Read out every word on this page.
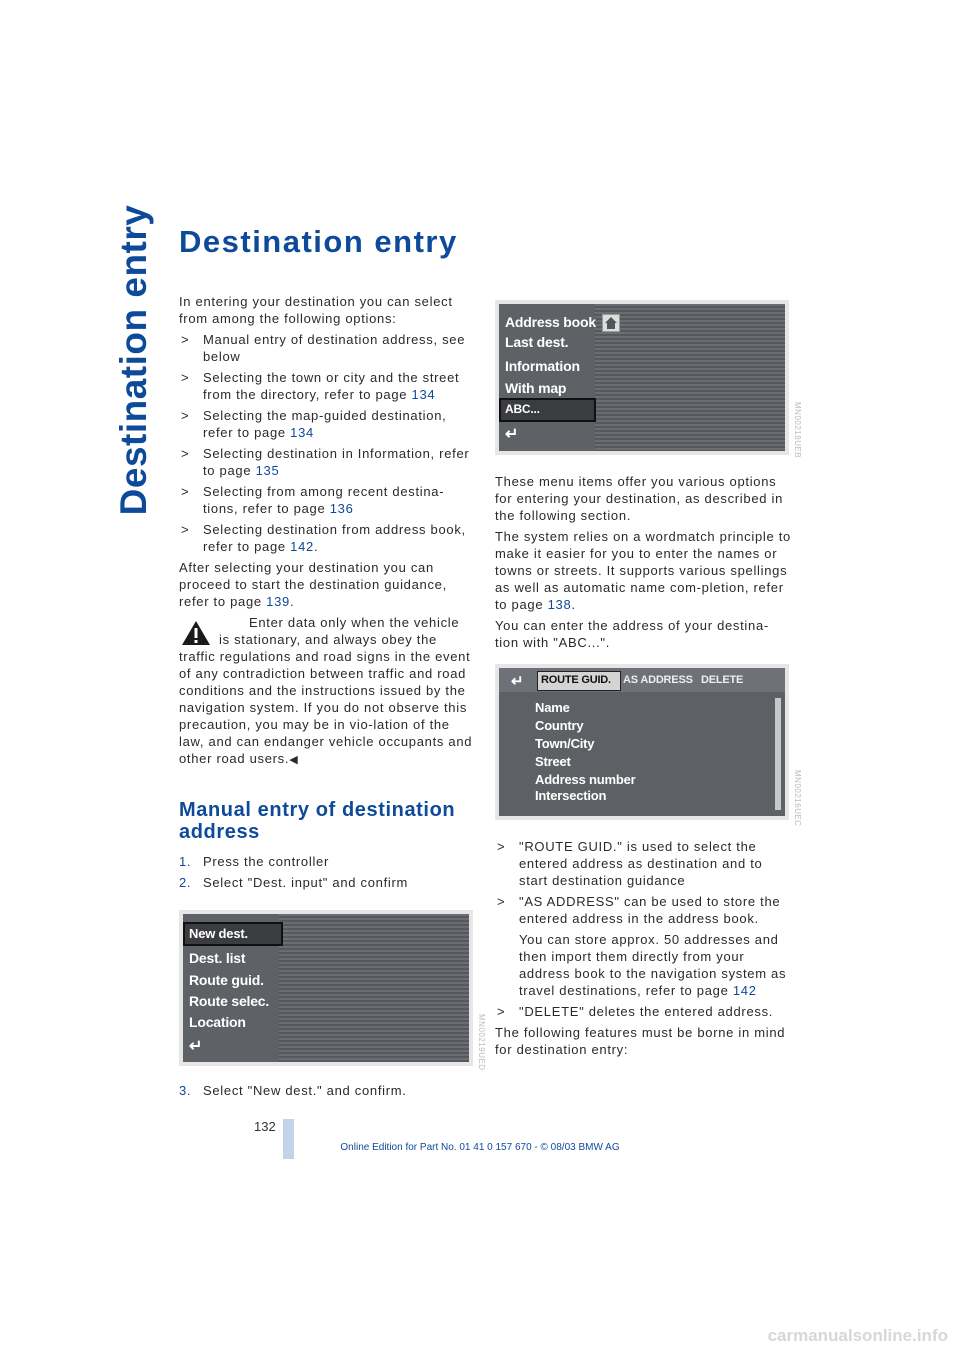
Destination entry Destination entry

In entering your destination you can select from among the following options:

> Manual entry of destination address, see below
> Selecting the town or city and the street from the directory, refer to page 134
> Selecting the map-guided destination, refer to page 134
> Selecting destination in Information, refer to page 135
> Selecting from among recent destina-tions, refer to page 136
> Selecting destination from address book, refer to page 142.

After selecting your destination you can proceed to start the destination guidance, refer to page 139.

Enter data only when the vehicle is stationary, and always obey the traffic regulations and road signs in the event of any contradiction between traffic and road conditions and the instructions issued by the navigation system. If you do not observe this precaution, you may be in vio-lation of the law, and can endanger vehicle occupants and other road users.◀
Manual entry of destination address
1. Press the controller
2. Select "Dest. input" and confirm
New dest.
Dest. list
Route guid.
Route selec.
Location
↵	MN00219UED
3. Select "New dest." and confirm.
Address book
Last dest.
Information
With map
ABC...
↵	MN00218UEB

These menu items offer you various options for entering your destination, as described in the following section.

The system relies on a wordmatch principle to make it easier for you to enter the names or towns or streets. It supports various spellings as well as automatic name com-pletion, refer to page 138.

You can enter the address of your destina-tion with "ABC...".

↵ ROUTE GUID. AS ADDRESS DELETE
Name
Country
Town/City
Street
Address number
Intersection	MN00216UEC
> "ROUTE GUID." is used to select the entered address as destination and to start destination guidance
> "AS ADDRESS" can be used to store the entered address in the address book.
You can store approx. 50 addresses and then import them directly from your address book to the navigation system as travel destinations, refer to page 142
> "DELETE" deletes the entered address.

The following features must be borne in mind for destination entry:

132
Online Edition for Part No. 01 41 0 157 670 - © 08/03 BMW AG
carmanualsonline.info
